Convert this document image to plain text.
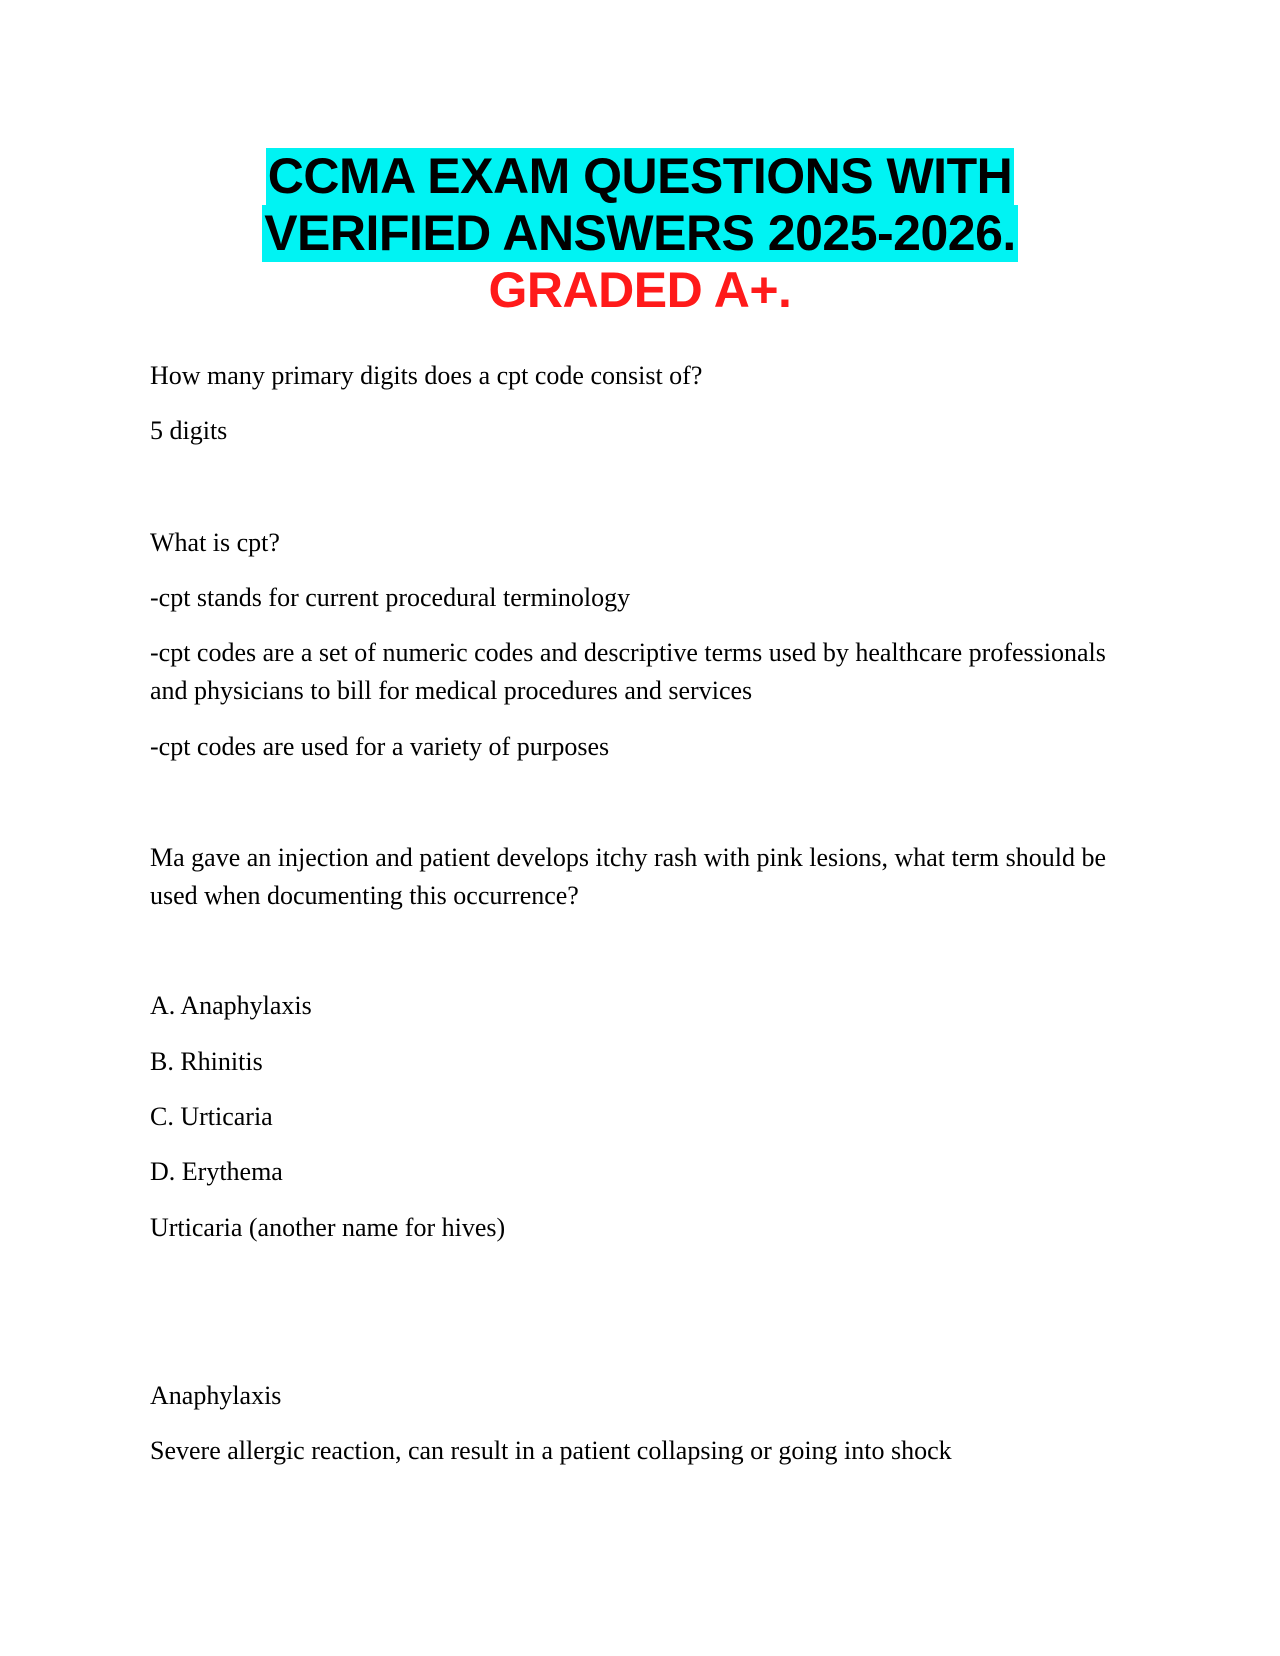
CCMA EXAM QUESTIONS WITH
VERIFIED ANSWERS 2025-2026.
GRADED A+.

How many primary digits does a cpt code consist of?

5 digits

What is cpt?

-cpt stands for current procedural terminology

-cpt codes are a set of numeric codes and descriptive terms used by healthcare professionals and physicians to bill for medical procedures and services

-cpt codes are used for a variety of purposes

Ma gave an injection and patient develops itchy rash with pink lesions, what term should be used when documenting this occurrence?

A. Anaphylaxis

B. Rhinitis

C. Urticaria

D. Erythema

Urticaria (another name for hives)

Anaphylaxis

Severe allergic reaction, can result in a patient collapsing or going into shock
